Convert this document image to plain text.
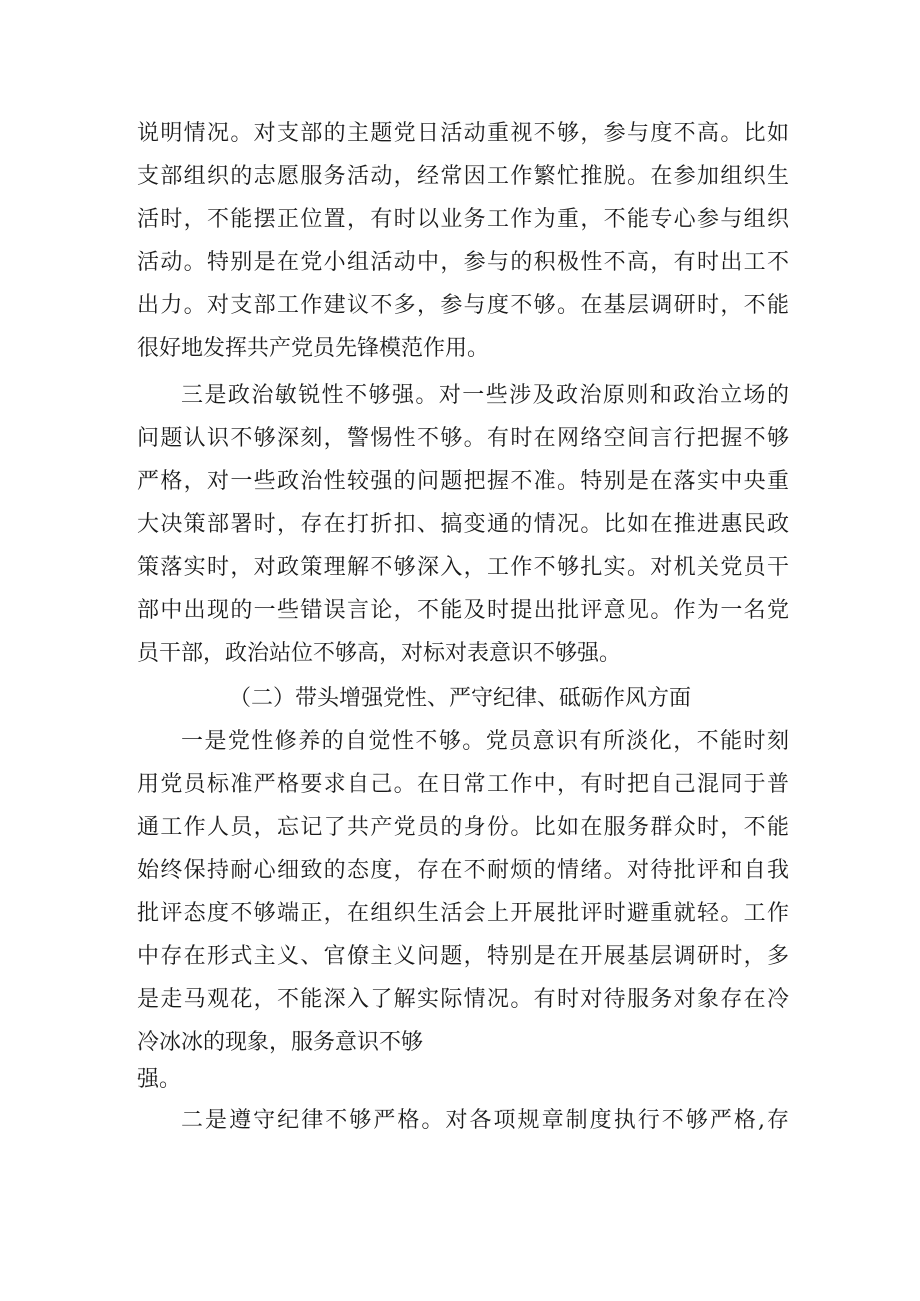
说明情况。对支部的主题党日活动重视不够，参与度不高。比如
支部组织的志愿服务活动，经常因工作繁忙推脱。在参加组织生
活时，不能摆正位置，有时以业务工作为重，不能专心参与组织
活动。特别是在党小组活动中，参与的积极性不高，有时出工不
出力。对支部工作建议不多，参与度不够。在基层调研时，不能
很好地发挥共产党员先锋模范作用。
三是政治敏锐性不够强。对一些涉及政治原则和政治立场的
问题认识不够深刻，警惕性不够。有时在网络空间言行把握不够
严格，对一些政治性较强的问题把握不准。特别是在落实中央重
大决策部署时，存在打折扣、搞变通的情况。比如在推进惠民政
策落实时，对政策理解不够深入，工作不够扎实。对机关党员干
部中出现的一些错误言论，不能及时提出批评意见。作为一名党
员干部，政治站位不够高，对标对表意识不够强。
（二）带头增强党性、严守纪律、砥砺作风方面
一是党性修养的自觉性不够。党员意识有所淡化，不能时刻
用党员标准严格要求自己。在日常工作中，有时把自己混同于普
通工作人员，忘记了共产党员的身份。比如在服务群众时，不能
始终保持耐心细致的态度，存在不耐烦的情绪。对待批评和自我
批评态度不够端正，在组织生活会上开展批评时避重就轻。工作
中存在形式主义、官僚主义问题，特别是在开展基层调研时，多
是走马观花，不能深入了解实际情况。有时对待服务对象存在冷
冷冰冰的现象，服务意识不够
强。
二是遵守纪律不够严格。对各项规章制度执行不够严格,存
